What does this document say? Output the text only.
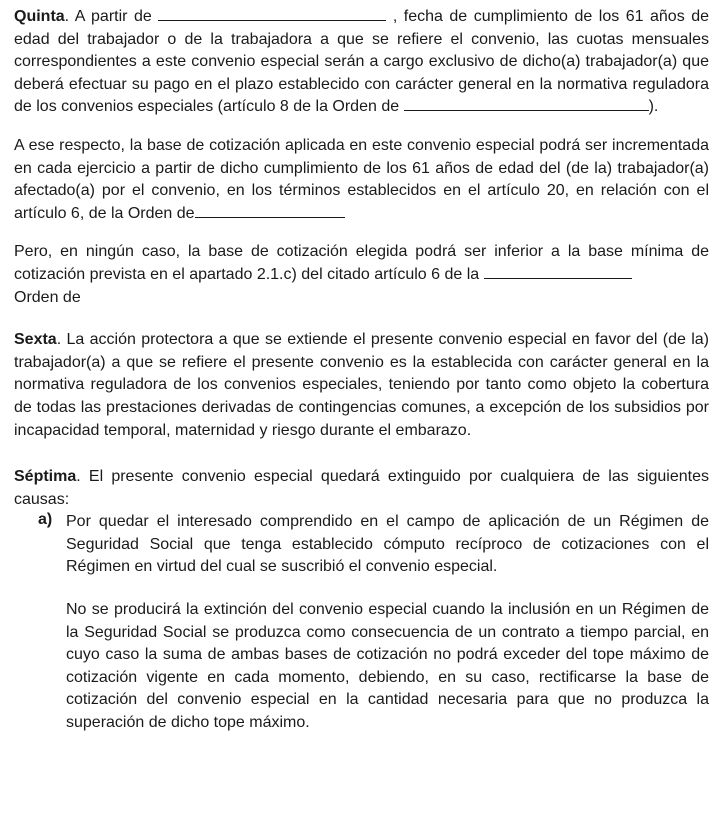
Quinta. A partir de	, fecha de cumplimiento de los 61 años de edad del trabajador o de la trabajadora a que se refiere el convenio, las cuotas mensuales correspondientes a este convenio especial serán a cargo exclusivo de dicho(a) trabajador(a) que deberá efectuar su pago en el plazo establecido con carácter general en la normativa reguladora de los convenios especiales (artículo 8 de la Orden de	).

A ese respecto, la base de cotización aplicada en este convenio especial podrá ser incrementada en cada ejercicio a partir de dicho cumplimiento de los 61 años de edad del (de la) trabajador(a) afectado(a) por el convenio, en los términos establecidos en el artículo 20, en relación con el artículo 6, de la Orden de

Pero, en ningún caso, la base de cotización elegida podrá ser inferior a la base mínima de cotización prevista en el apartado 2.1.c) del citado artículo 6 de la
Orden de

Sexta. La acción protectora a que se extiende el presente convenio especial en favor del (de la) trabajador(a) a que se refiere el presente convenio es la establecida con carácter general en la normativa reguladora de los convenios especiales, teniendo por tanto como objeto la cobertura de todas las prestaciones derivadas de contingencias comunes, a excepción de los subsidios por incapacidad temporal, maternidad y riesgo durante el embarazo.

Séptima. El presente convenio especial quedará extinguido por cualquiera de las siguientes causas:

a) Por quedar el interesado comprendido en el campo de aplicación de un Régimen de Seguridad Social que tenga establecido cómputo recíproco de cotizaciones con el Régimen en virtud del cual se suscribió el convenio especial.

No se producirá la extinción del convenio especial cuando la inclusión en un Régimen de la Seguridad Social se produzca como consecuencia de un contrato a tiempo parcial, en cuyo caso la suma de ambas bases de cotización no podrá exceder del tope máximo de cotización vigente en cada momento, debiendo, en su caso, rectificarse la base de cotización del convenio especial en la cantidad necesaria para que no produzca la superación de dicho tope máximo.
